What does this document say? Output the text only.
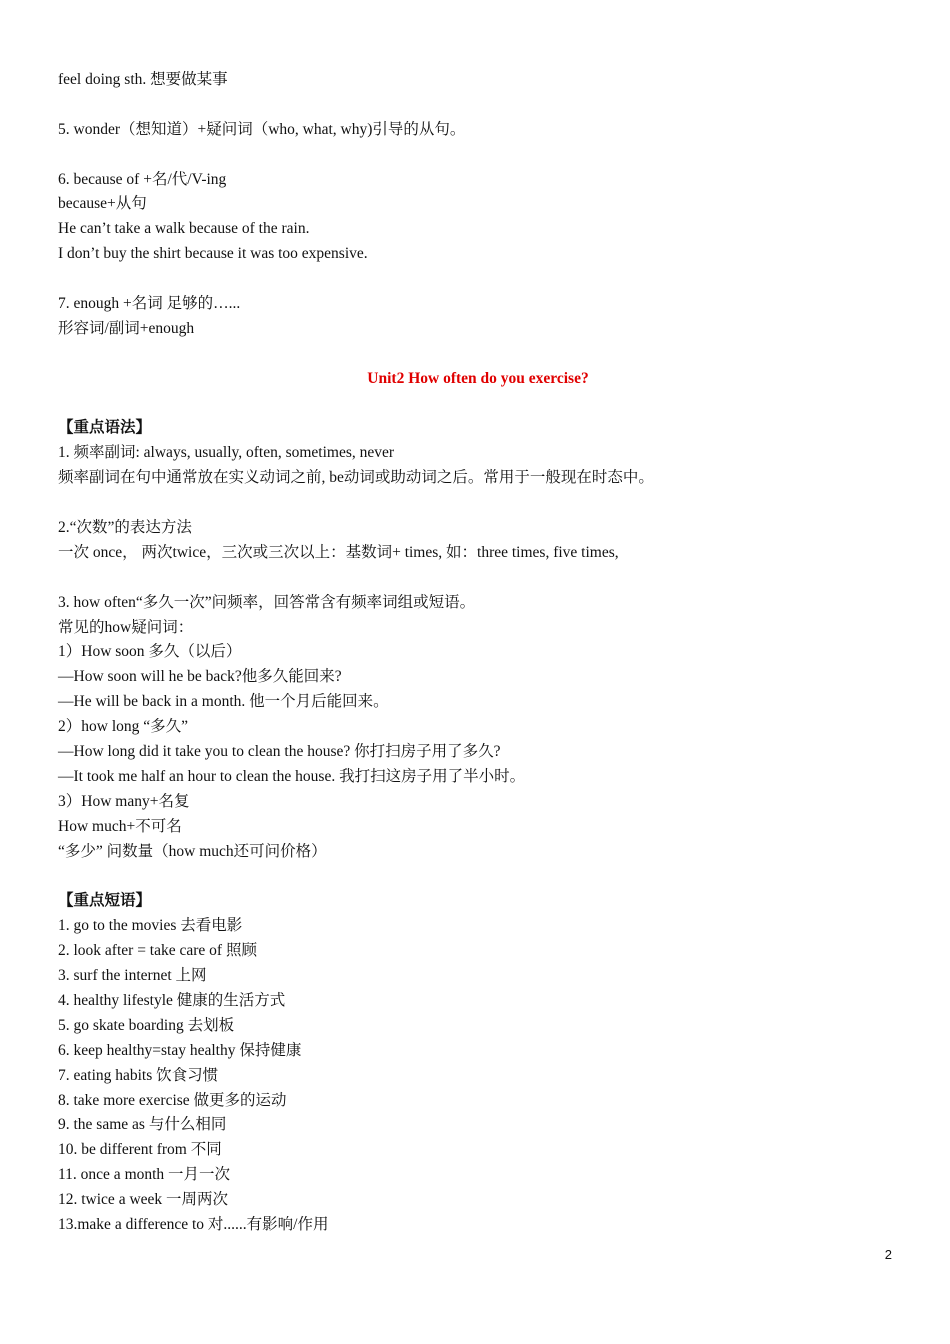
feel doing sth. 想要做某事
5. wonder（想知道）+疑问词（who, what, why)引导的从句。
6. because of +名/代/V-ing
because+从句
He can’t take a walk because of the rain.
I don’t buy the shirt because it was too expensive.
7. enough +名词 足够的…...
形容词/副词+enough
Unit2 How often do you exercise?
【重点语法】
1. 频率副词: always, usually, often, sometimes, never
频率副词在句中通常放在实义动词之前, be动词或助动词之后。常用于一般现在时态中。
2.“次数”的表达方法
一次 once， 两次twice，三次或三次以上：基数词+ times, 如：three times, five times,
3. how often“多久一次”问频率，回答常含有频率词组或短语。
常见的how疑问词：
1）How soon 多久（以后）
—How soon will he be back?他多久能回来?
—He will be back in a month. 他一个月后能回来。
2）how long “多久”
—How long did it take you to clean the house? 你打扫房子用了多久?
—It took me half an hour to clean the house. 我打扫这房子用了半小时。
3）How many+名复
How much+不可名
“多少” 问数量（how much还可问价格）
【重点短语】
1. go to the movies 去看电影
2. look after = take care of 照顾
3. surf the internet 上网
4. healthy lifestyle 健康的生活方式
5. go skate boarding 去划板
6. keep healthy=stay healthy 保持健康
7. eating habits 饮食习惯
8. take more exercise 做更多的运动
9. the same as 与什么相同
10. be different from 不同
11. once a month 一月一次
12. twice a week 一周两次
13.make a difference to 对......有影响/作用
2
